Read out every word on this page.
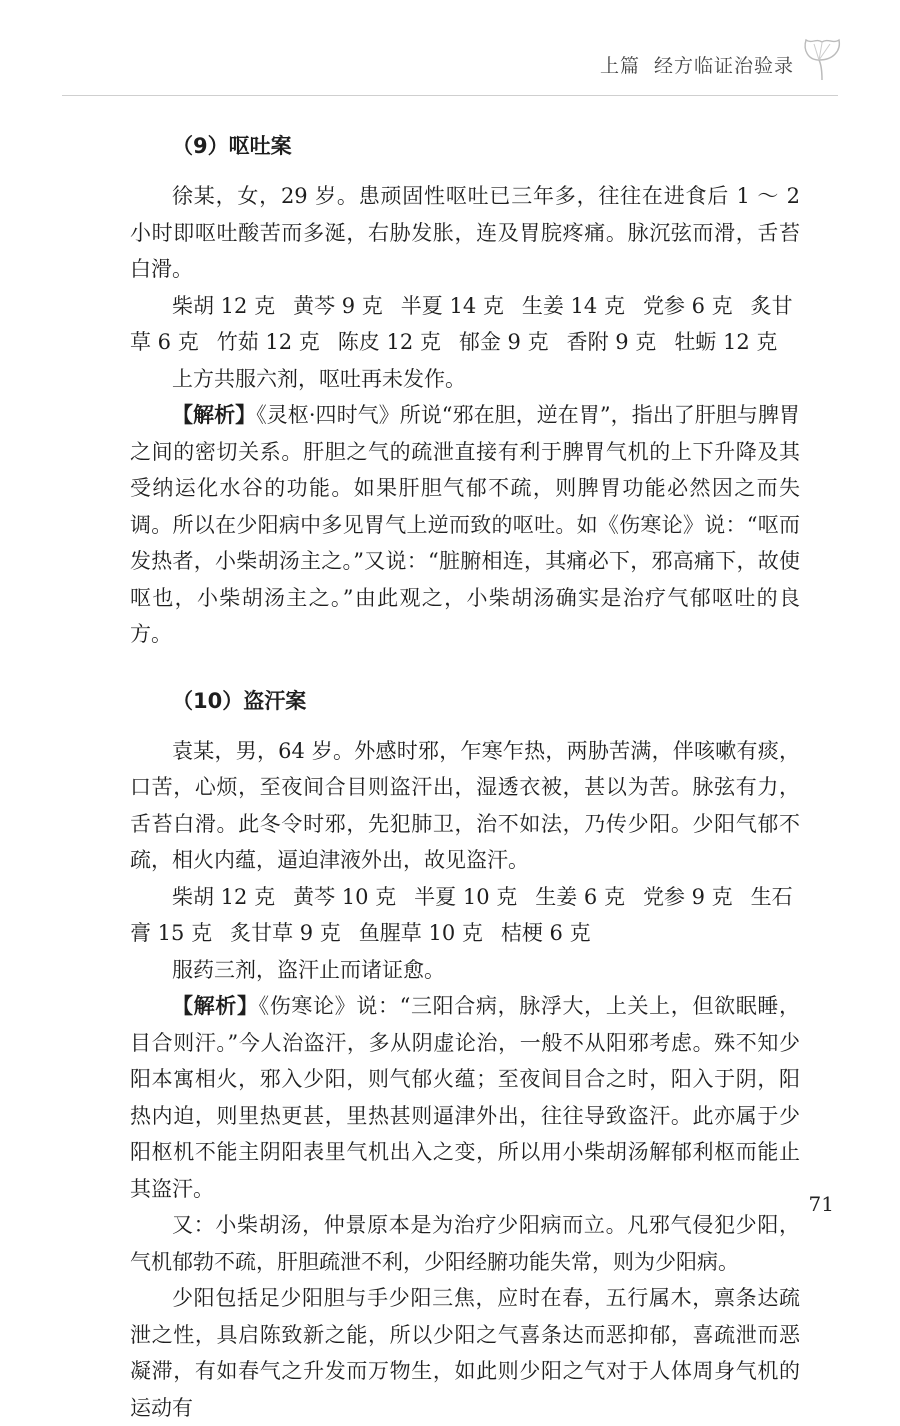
上篇 经方临证治验录
（9）呕吐案

徐某，女，29 岁。患顽固性呕吐已三年多，往往在进食后 1 ～ 2 小时即呕吐酸苦而多涎，右胁发胀，连及胃脘疼痛。脉沉弦而滑，舌苔白滑。

柴胡 12 克 黄芩 9 克 半夏 14 克 生姜 14 克 党参 6 克 炙甘草 6 克 竹茹 12 克 陈皮 12 克 郁金 9 克 香附 9 克 牡蛎 12 克

上方共服六剂，呕吐再未发作。

【解析】《灵枢·四时气》所说“邪在胆，逆在胃”，指出了肝胆与脾胃之间的密切关系。肝胆之气的疏泄直接有利于脾胃气机的上下升降及其受纳运化水谷的功能。如果肝胆气郁不疏，则脾胃功能必然因之而失调。所以在少阳病中多见胃气上逆而致的呕吐。如《伤寒论》说：“呕而发热者，小柴胡汤主之。”又说：“脏腑相连，其痛必下，邪高痛下，故使呕也，小柴胡汤主之。”由此观之，小柴胡汤确实是治疗气郁呕吐的良方。

（10）盗汗案

袁某，男，64 岁。外感时邪，乍寒乍热，两胁苦满，伴咳嗽有痰，口苦，心烦，至夜间合目则盗汗出，湿透衣被，甚以为苦。脉弦有力，舌苔白滑。此冬令时邪，先犯肺卫，治不如法，乃传少阳。少阳气郁不疏，相火内蕴，逼迫津液外出，故见盗汗。

柴胡 12 克 黄芩 10 克 半夏 10 克 生姜 6 克 党参 9 克 生石膏 15 克 炙甘草 9 克 鱼腥草 10 克 桔梗 6 克

服药三剂，盗汗止而诸证愈。

【解析】《伤寒论》说：“三阳合病，脉浮大，上关上，但欲眠睡，目合则汗。”今人治盗汗，多从阴虚论治，一般不从阳邪考虑。殊不知少阳本寓相火，邪入少阳，则气郁火蕴；至夜间目合之时，阳入于阴，阳热内迫，则里热更甚，里热甚则逼津外出，往往导致盗汗。此亦属于少阳枢机不能主阴阳表里气机出入之变，所以用小柴胡汤解郁利枢而能止其盗汗。

又：小柴胡汤，仲景原本是为治疗少阳病而立。凡邪气侵犯少阳，气机郁勃不疏，肝胆疏泄不利，少阳经腑功能失常，则为少阳病。

少阳包括足少阳胆与手少阳三焦，应时在春，五行属木，禀条达疏泄之性，具启陈致新之能，所以少阳之气喜条达而恶抑郁，喜疏泄而恶凝滞，有如春气之升发而万物生，如此则少阳之气对于人体周身气机的运动有

71
